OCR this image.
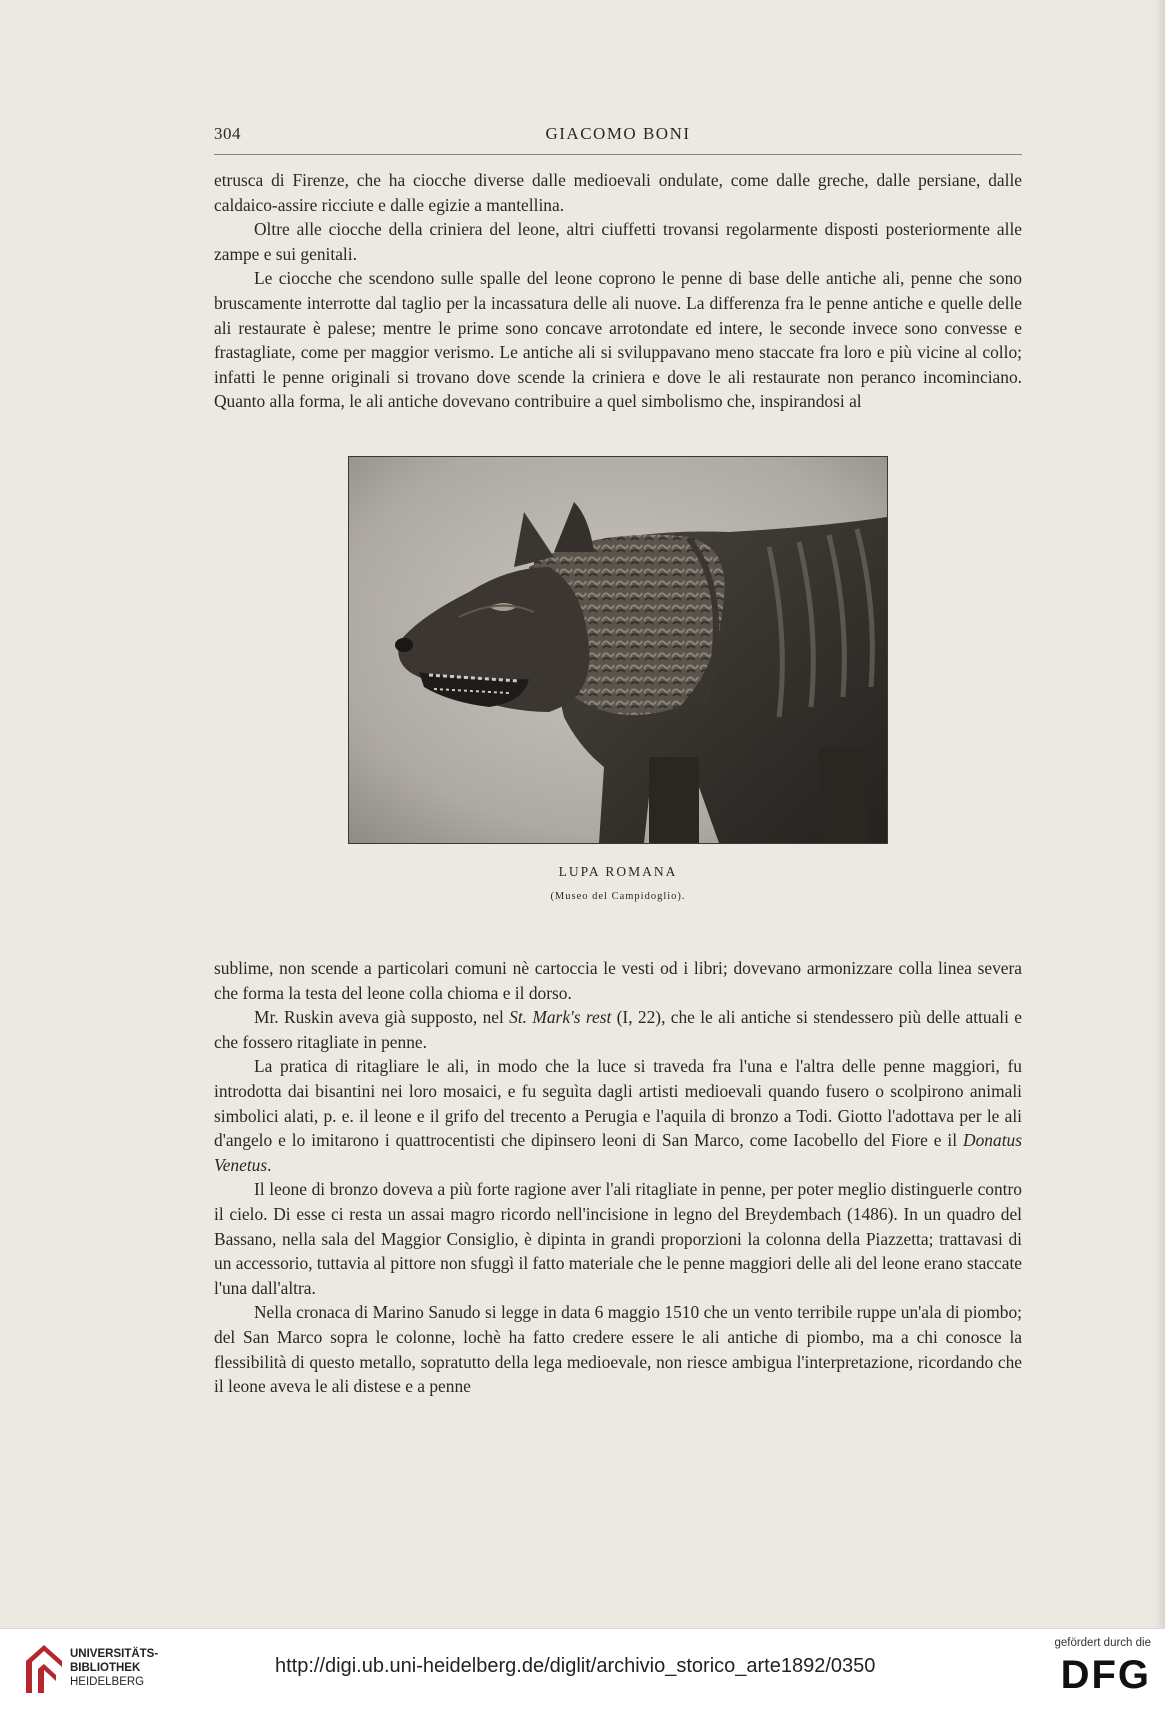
304	GIACOMO BONI

etrusca di Firenze, che ha ciocche diverse dalle medioevali ondulate, come dalle greche, dalle persiane, dalle caldaico-assire ricciute e dalle egizie a mantellina.

Oltre alle ciocche della criniera del leone, altri ciuffetti trovansi regolarmente disposti posteriormente alle zampe e sui genitali.

Le ciocche che scendono sulle spalle del leone coprono le penne di base delle antiche ali, penne che sono bruscamente interrotte dal taglio per la incassatura delle ali nuove. La differenza fra le penne antiche e quelle delle ali restaurate è palese; mentre le prime sono concave arrotondate ed intere, le seconde invece sono convesse e frastagliate, come per maggior verismo. Le antiche ali si sviluppavano meno staccate fra loro e più vicine al collo; infatti le penne originali si trovano dove scende la criniera e dove le ali restaurate non peranco incominciano. Quanto alla forma, le ali antiche dovevano contribuire a quel simbolismo che, inspirandosi al

LUPA ROMANA
(Museo del Campidoglio).

sublime, non scende a particolari comuni nè cartoccia le vesti od i libri; dovevano armonizzare colla linea severa che forma la testa del leone colla chioma e il dorso.

Mr. Ruskin aveva già supposto, nel St. Mark's rest (I, 22), che le ali antiche si stendessero più delle attuali e che fossero ritagliate in penne.

La pratica di ritagliare le ali, in modo che la luce si traveda fra l'una e l'altra delle penne maggiori, fu introdotta dai bisantini nei loro mosaici, e fu seguìta dagli artisti medioevali quando fusero o scolpirono animali simbolici alati, p. e. il leone e il grifo del trecento a Perugia e l'aquila di bronzo a Todi. Giotto l'adottava per le ali d'angelo e lo imitarono i quattrocentisti che dipinsero leoni di San Marco, come Iacobello del Fiore e il Donatus Venetus.

Il leone di bronzo doveva a più forte ragione aver l'ali ritagliate in penne, per poter meglio distinguerle contro il cielo. Di esse ci resta un assai magro ricordo nell'incisione in legno del Breydembach (1486). In un quadro del Bassano, nella sala del Maggior Consiglio, è dipinta in grandi proporzioni la colonna della Piazzetta; trattavasi di un accessorio, tuttavia al pittore non sfuggì il fatto materiale che le penne maggiori delle ali del leone erano staccate l'una dall'altra.

Nella cronaca di Marino Sanudo si legge in data 6 maggio 1510 che un vento terribile ruppe un'ala di piombo; del San Marco sopra le colonne, lochè ha fatto credere essere le ali antiche di piombo, ma a chi conosce la flessibilità di questo metallo, sopratutto della lega medioevale, non riesce ambigua l'interpretazione, ricordando che il leone aveva le ali distese e a penne

UNIVERSITÄTS-
BIBLIOTHEK
HEIDELBERG
http://digi.ub.uni-heidelberg.de/diglit/archivio_storico_arte1892/0350
gefördert durch die
DFG
